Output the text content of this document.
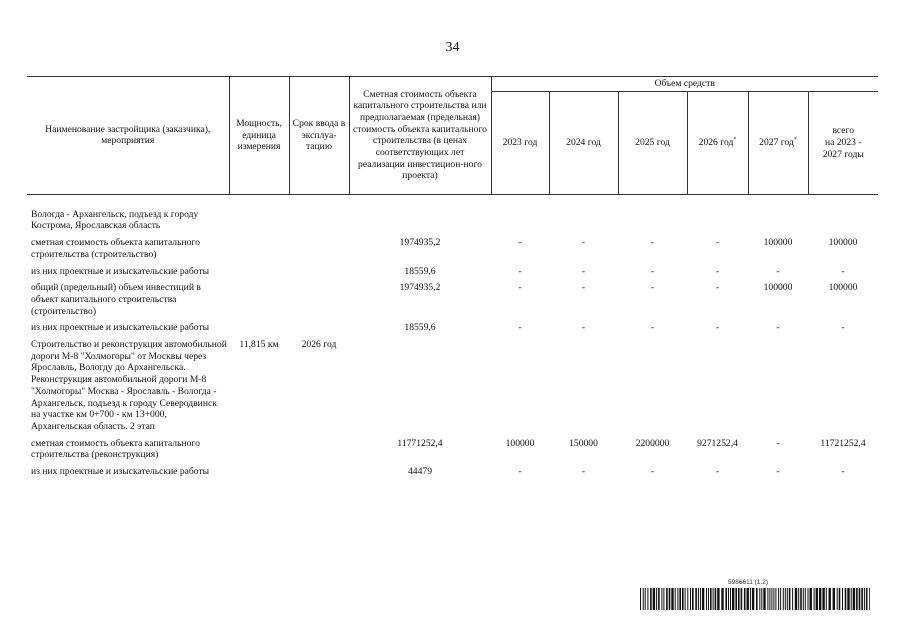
34
Наименование застройщика (заказчика), мероприятия	Мощность, единица измерения	Срок ввода в эксплуа-тацию	Сметная стоимость объекта капитального строительства или предполагаемая (предельная) стоимость объекта капитального строительства (в ценах соответствующих лет реализации инвестицион-ного проекта)	Объем средств					
				2023 год	2024 год	2025 год	2026 год*	2027 год*	всего
на 2023 -
2027 годы

Вологда - Архангельск, подъезд к городу Кострома, Ярославская область									
сметная стоимость объекта капитального строительства (строительство)			1974935,2	-	-	-	-	100000	100000
из них проектные и изыскательские работы			18559,6	-	-	-	-	-	-
общий (предельный) объем инвестиций в объект капитального строительства (строительство)			1974935,2	-	-	-	-	100000	100000
из них проектные и изыскательские работы			18559,6	-	-	-	-	-	-
Строительство и реконструкция автомобильной дороги М-8 "Холмогоры" от Москвы через Ярославль, Вологду до Архангельска. Реконструкция автомобильной дороги М-8 "Холмогоры" Москва - Ярославль - Вологда - Архангельск, подъезд к городу Северодвинск на участке км 0+700 - км 13+000, Архангельская область. 2 этап	11,815 км	2026 год							
сметная стоимость объекта капитального строительства (реконструкция)			11771252,4	100000	150000	2200000	9271252,4	-	11721252,4
из них проектные и изыскательские работы			44479	-	-	-	-	-	-
5986611 (1.2)
